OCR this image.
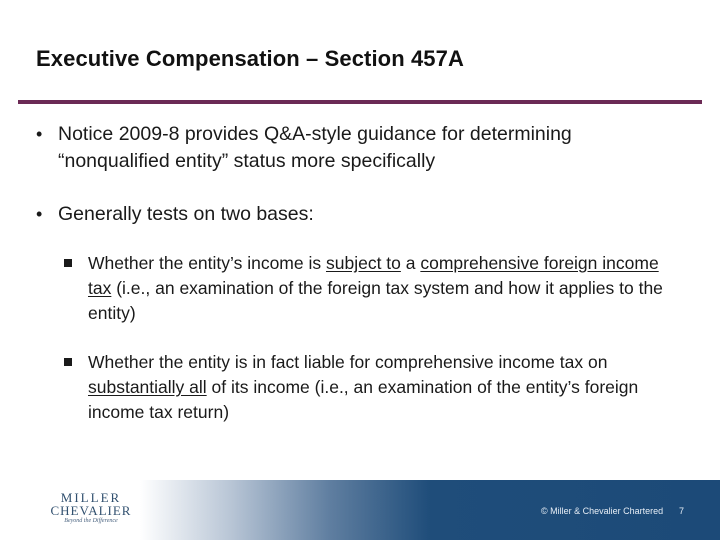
Executive Compensation – Section 457A
• Notice 2009-8 provides Q&A-style guidance for determining “nonqualified entity” status more specifically
• Generally tests on two bases:
Whether the entity’s income is subject to a comprehensive foreign income tax (i.e., an examination of the foreign tax system and how it applies to the entity)
Whether the entity is in fact liable for comprehensive income tax on substantially all of its income (i.e., an examination of the entity’s foreign income tax return)
MILLER
CHEVALIER
Beyond the Difference
© Miller & Chevalier Chartered 7
